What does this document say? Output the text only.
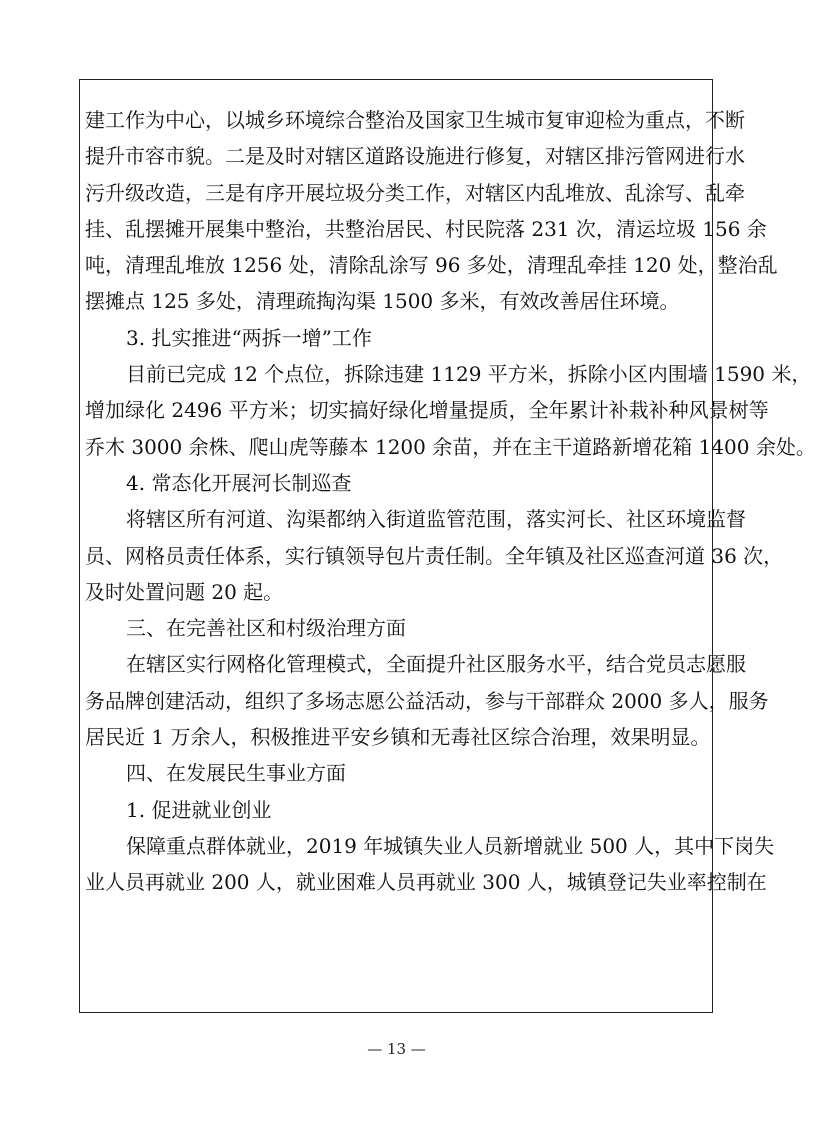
建工作为中心，以城乡环境综合整治及国家卫生城市复审迎检为重点，不断
提升市容市貌。二是及时对辖区道路设施进行修复，对辖区排污管网进行水
污升级改造，三是有序开展垃圾分类工作，对辖区内乱堆放、乱涂写、乱牵
挂、乱摆摊开展集中整治，共整治居民、村民院落 231 次，清运垃圾 156 余
吨，清理乱堆放 1256 处，清除乱涂写 96 多处，清理乱牵挂 120 处，整治乱
摆摊点 125 多处，清理疏掏沟渠 1500 多米，有效改善居住环境。
3. 扎实推进“两拆一增”工作
目前已完成 12 个点位，拆除违建 1129 平方米，拆除小区内围墙 1590 米，
增加绿化 2496 平方米；切实搞好绿化增量提质，全年累计补栽补种风景树等
乔木 3000 余株、爬山虎等藤本 1200 余苗，并在主干道路新增花箱 1400 余处。
4. 常态化开展河长制巡查
将辖区所有河道、沟渠都纳入街道监管范围，落实河长、社区环境监督
员、网格员责任体系，实行镇领导包片责任制。全年镇及社区巡查河道 36 次，
及时处置问题 20 起。
三、在完善社区和村级治理方面
在辖区实行网格化管理模式，全面提升社区服务水平，结合党员志愿服
务品牌创建活动，组织了多场志愿公益活动，参与干部群众 2000 多人，服务
居民近 1 万余人，积极推进平安乡镇和无毒社区综合治理，效果明显。
四、在发展民生事业方面
1. 促进就业创业
保障重点群体就业，2019 年城镇失业人员新增就业 500 人，其中下岗失
业人员再就业 200 人，就业困难人员再就业 300 人，城镇登记失业率控制在
— 13 —
